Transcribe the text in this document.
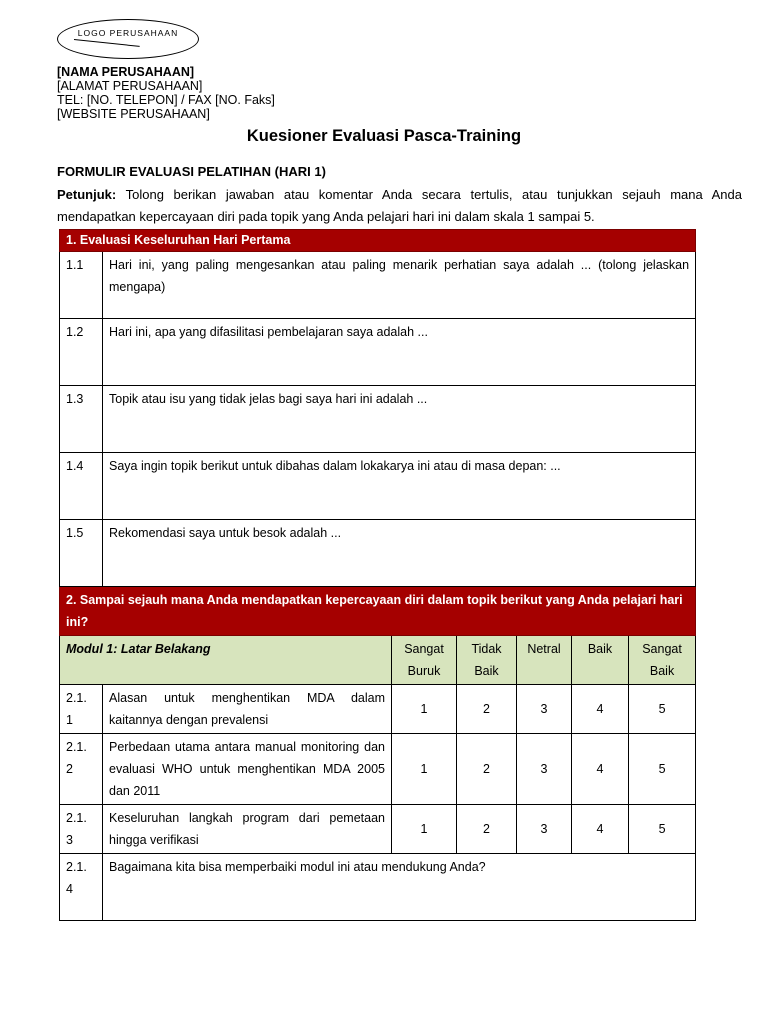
LOGO PERUSAHAAN
[NAMA PERUSAHAAN]
[ALAMAT PERUSAHAAN]
TEL: [NO. TELEPON] / FAX [NO. Faks]
[WEBSITE PERUSAHAAN]
Kuesioner Evaluasi Pasca-Training
FORMULIR EVALUASI PELATIHAN (HARI 1)
Petunjuk: Tolong berikan jawaban atau komentar Anda secara tertulis, atau tunjukkan sejauh mana Anda mendapatkan kepercayaan diri pada topik yang Anda pelajari hari ini dalam skala 1 sampai 5.
1. Evaluasi Keseluruhan Hari Pertama						
1.1	Hari ini, yang paling mengesankan atau paling menarik perhatian saya adalah ... (tolong jelaskan mengapa)					
1.2	Hari ini, apa yang difasilitasi pembelajaran saya adalah ...					
1.3	Topik atau isu yang tidak jelas bagi saya hari ini adalah ...					
1.4	Saya ingin topik berikut untuk dibahas dalam lokakarya ini atau di masa depan: ...					
1.5	Rekomendasi saya untuk besok adalah ...					
2. Sampai sejauh mana Anda mendapatkan kepercayaan diri dalam topik berikut yang Anda pelajari hari ini?						
Modul 1: Latar Belakang		Sangat Buruk	Tidak Baik	Netral	Baik	Sangat Baik
2.1. 1	Alasan untuk menghentikan MDA dalam kaitannya dengan prevalensi	1	2	3	4	5
2.1. 2	Perbedaan utama antara manual monitoring dan evaluasi WHO untuk menghentikan MDA 2005 dan 2011	1	2	3	4	5
2.1. 3	Keseluruhan langkah program dari pemetaan hingga verifikasi	1	2	3	4	5
2.1. 4	Bagaimana kita bisa memperbaiki modul ini atau mendukung Anda?					
